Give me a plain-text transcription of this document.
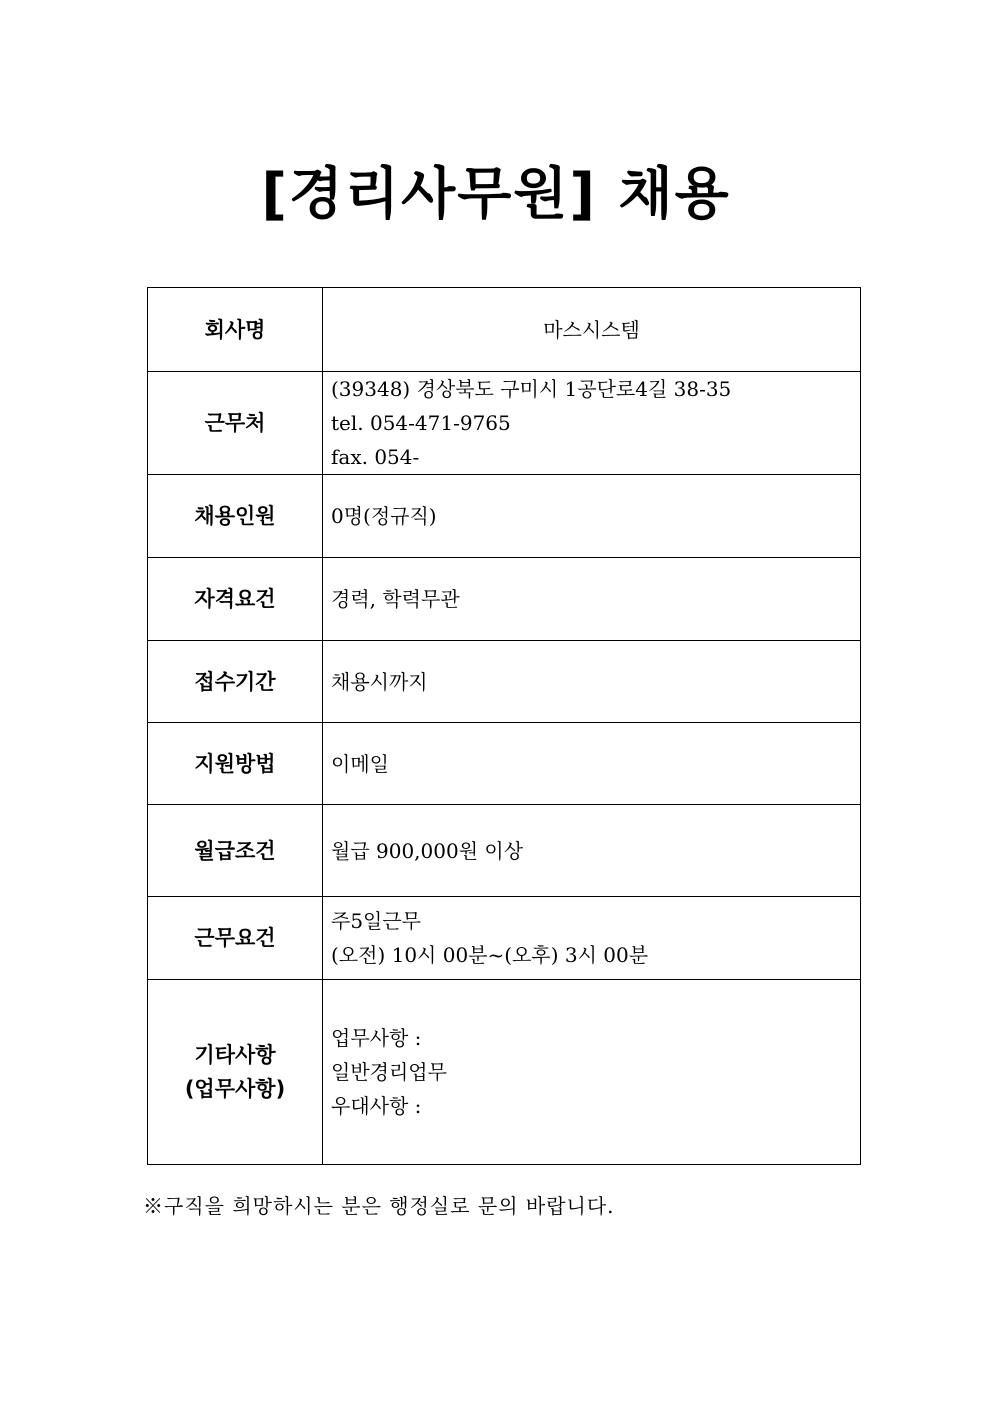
[경리사무원] 채용
회사명	마스시스템
근무처	(39348) 경상북도 구미시 1공단로4길 38-35
tel. 054-471-9765
fax. 054-

채용인원	0명(정규직)
자격요건	경력, 학력무관
접수기간	채용시까지
지원방법	이메일
월급조건	월급 900,000원 이상
근무요건	주5일근무
(오전) 10시 00분~(오후) 3시 00분

기타사항
(업무사항)	업무사항 :
일반경리업무
우대사항 :
※구직을 희망하시는 분은 행정실로 문의 바랍니다.
